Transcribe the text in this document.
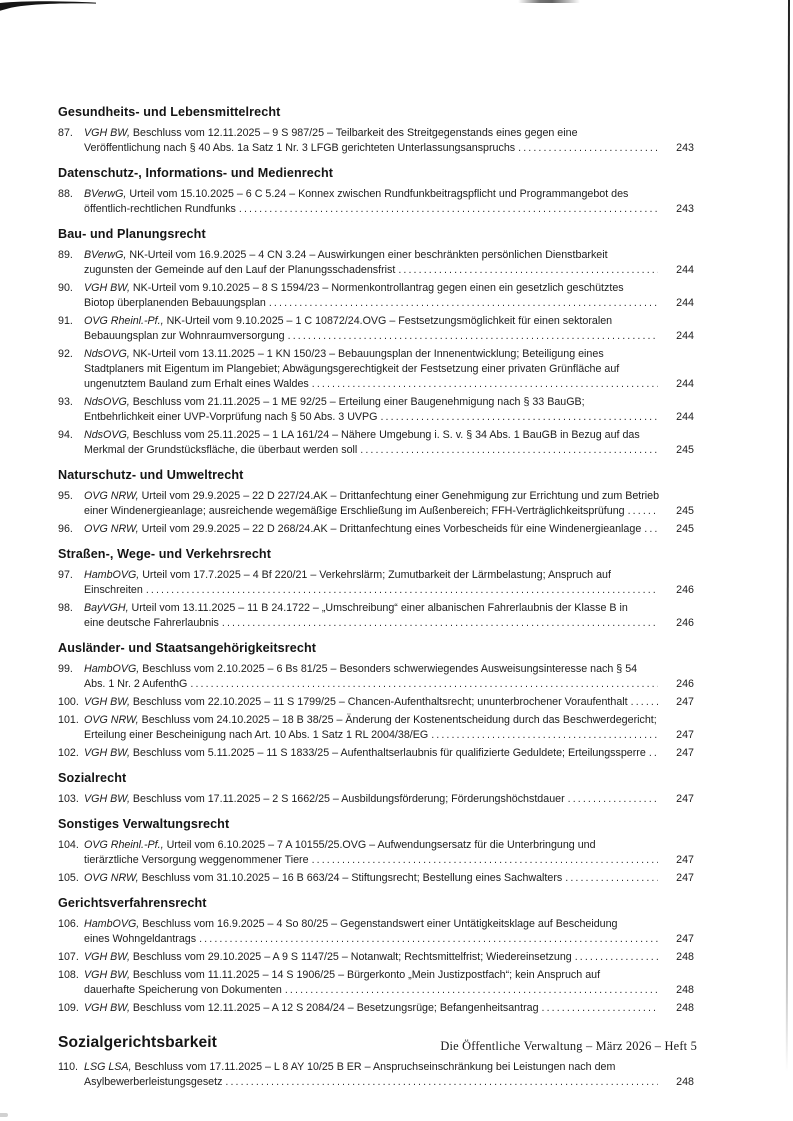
Gesundheits- und Lebensmittelrecht
87.	VGH BW, Beschluss vom 12.11.2025 – 9 S 987/25 – Teilbarkeit des Streitgegenstands eines gegen eine
Veröffentlichung nach § 40 Abs. 1a Satz 1 Nr. 3 LFGB gerichteten Unterlassungsanspruchs .....	243
Datenschutz-, Informations- und Medienrecht
88.	BVerwG, Urteil vom 15.10.2025 – 6 C 5.24 – Konnex zwischen Rundfunkbeitragspflicht und Programmangebot des
öffentlich-rechtlichen Rundfunks .....	243
Bau- und Planungsrecht
89.	BVerwG, NK-Urteil vom 16.9.2025 – 4 CN 3.24 – Auswirkungen einer beschränkten persönlichen Dienstbarkeit
zugunsten der Gemeinde auf den Lauf der Planungsschadensfrist .....	244
90.	VGH BW, NK-Urteil vom 9.10.2025 – 8 S 1594/23 – Normenkontrollantrag gegen einen ein gesetzlich geschütztes
Biotop überplanenden Bebauungsplan .....	244
91.	OVG Rheinl.-Pf., NK-Urteil vom 9.10.2025 – 1 C 10872/24.OVG – Festsetzungsmöglichkeit für einen sektoralen
Bebauungsplan zur Wohnraumversorgung .....	244
92.	NdsOVG, NK-Urteil vom 13.11.2025 – 1 KN 150/23 – Bebauungsplan der Innenentwicklung; Beteiligung eines
Stadtplaners mit Eigentum im Plangebiet; Abwägungsgerechtigkeit der Festsetzung einer privaten Grünfläche auf
ungenutztem Bauland zum Erhalt eines Waldes .....	244
93.	NdsOVG, Beschluss vom 21.11.2025 – 1 ME 92/25 – Erteilung einer Baugenehmigung nach § 33 BauGB;
Entbehrlichkeit einer UVP-Vorprüfung nach § 50 Abs. 3 UVPG .....	244
94.	NdsOVG, Beschluss vom 25.11.2025 – 1 LA 161/24 – Nähere Umgebung i. S. v. § 34 Abs. 1 BauGB in Bezug auf das
Merkmal der Grundstücksfläche, die überbaut werden soll .....	245
Naturschutz- und Umweltrecht
95.	OVG NRW, Urteil vom 29.9.2025 – 22 D 227/24.AK – Drittanfechtung einer Genehmigung zur Errichtung und zum Betrieb
einer Windenergieanlage; ausreichende wegemäßige Erschließung im Außenbereich; FFH-Verträglichkeitsprüfung .....	245
96.	OVG NRW, Urteil vom 29.9.2025 – 22 D 268/24.AK – Drittanfechtung eines Vorbescheids für eine Windenergieanlage .....	245
Straßen-, Wege- und Verkehrsrecht
97.	HambOVG, Urteil vom 17.7.2025 – 4 Bf 220/21 – Verkehrslärm; Zumutbarkeit der Lärmbelastung; Anspruch auf
Einschreiten .....	246
98.	BayVGH, Urteil vom 13.11.2025 – 11 B 24.1722 – „Umschreibung“ einer albanischen Fahrerlaubnis der Klasse B in
eine deutsche Fahrerlaubnis .....	246
Ausländer- und Staatsangehörigkeitsrecht
99.	HambOVG, Beschluss vom 2.10.2025 – 6 Bs 81/25 – Besonders schwerwiegendes Ausweisungsinteresse nach § 54
Abs. 1 Nr. 2 AufenthG .....	246
100. VGH BW, Beschluss vom 22.10.2025 – 11 S 1799/25 – Chancen-Aufenthaltsrecht; ununterbrochener Voraufenthalt .....	247
101. OVG NRW, Beschluss vom 24.10.2025 – 18 B 38/25 – Änderung der Kostenentscheidung durch das Beschwerdegericht;
Erteilung einer Bescheinigung nach Art. 10 Abs. 1 Satz 1 RL 2004/38/EG .....	247
102. VGH BW, Beschluss vom 5.11.2025 – 11 S 1833/25 – Aufenthaltserlaubnis für qualifizierte Geduldete; Erteilungssperre .....	247
Sozialrecht
103. VGH BW, Beschluss vom 17.11.2025 – 2 S 1662/25 – Ausbildungsförderung; Förderungshöchstdauer .....	247
Sonstiges Verwaltungsrecht
104. OVG Rheinl.-Pf., Urteil vom 6.10.2025 – 7 A 10155/25.OVG – Aufwendungsersatz für die Unterbringung und
tierärztliche Versorgung weggenommener Tiere .....	247
105. OVG NRW, Beschluss vom 31.10.2025 – 16 B 663/24 – Stiftungsrecht; Bestellung eines Sachwalters .....	247
Gerichtsverfahrensrecht
106. HambOVG, Beschluss vom 16.9.2025 – 4 So 80/25 – Gegenstandswert einer Untätigkeitsklage auf Bescheidung
eines Wohngeldantrags .....	247
107. VGH BW, Beschluss vom 29.10.2025 – A 9 S 1147/25 – Notanwalt; Rechtsmittelfrist; Wiedereinsetzung .....	248
108. VGH BW, Beschluss vom 11.11.2025 – 14 S 1906/25 – Bürgerkonto „Mein Justizpostfach“; kein Anspruch auf
dauerhafte Speicherung von Dokumenten .....	248
109. VGH BW, Beschluss vom 12.11.2025 – A 12 S 2084/24 – Besetzungsrüge; Befangenheitsantrag .....	248
Sozialgerichtsbarkeit
110. LSG LSA, Beschluss vom 17.11.2025 – L 8 AY 10/25 B ER – Anspruchseinschränkung bei Leistungen nach dem
Asylbewerberleistungsgesetz .....	248
Die Öffentliche Verwaltung – März 2026 – Heft 5
